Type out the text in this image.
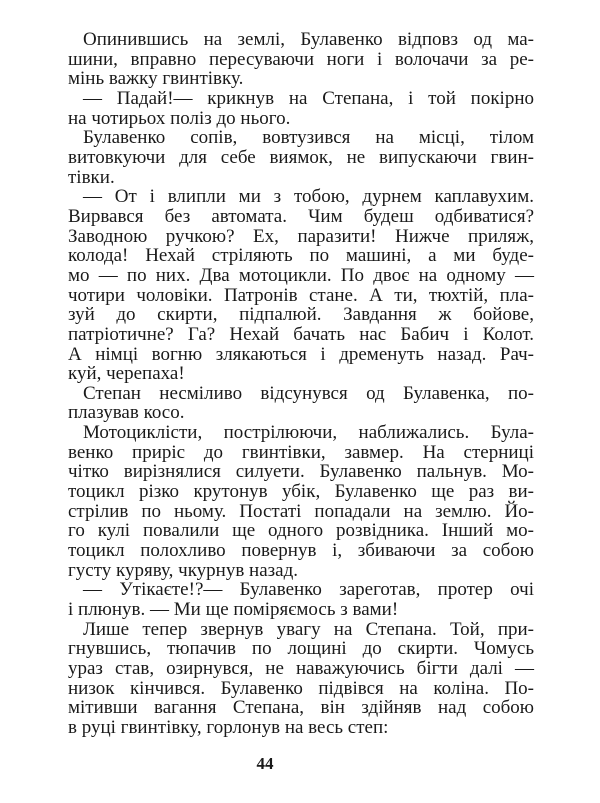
Опинившись на землі, Булавенко відповз од ма-
шини, вправно пересуваючи ноги і волочачи за ре-
мінь важку гвинтівку.
— Падай!— крикнув на Степана, і той покірно
на чотирьох поліз до нього.
Булавенко сопів, вовтузився на місці, тілом
витовкуючи для себе виямок, не випускаючи гвин-
тівки.
— От і влипли ми з тобою, дурнем каплавухим.
Вирвався без автомата. Чим будеш одбиватися?
Заводною ручкою? Ех, паразити! Нижче приляж,
колода! Нехай стріляють по машині, а ми буде-
мо — по них. Два мотоцикли. По двоє на одному —
чотири чоловіки. Патронів стане. А ти, тюхтій, пла-
зуй до скирти, підпалюй. Завдання ж бойове,
патріотичне? Га? Нехай бачать нас Бабич і Колот.
А німці вогню злякаються і дременуть назад. Рач-
куй, черепаха!
Степан несміливо відсунувся од Булавенка, по-
плазував косо.
Мотоциклісти, пострілюючи, наближались. Була-
венко приріс до гвинтівки, завмер. На стерниці
чітко вирізнялися силуети. Булавенко пальнув. Мо-
тоцикл різко крутонув убік, Булавенко ще раз ви-
стрілив по ньому. Постаті попадали на землю. Йо-
го кулі повалили ще одного розвідника. Інший мо-
тоцикл полохливо повернув і, збиваючи за собою
густу куряву, чкурнув назад.
— Утікаєте!?— Булавенко зареготав, протер очі
і плюнув. — Ми ще поміряємось з вами!
Лише тепер звернув увагу на Степана. Той, при-
гнувшись, тюпачив по лощині до скирти. Чомусь
ураз став, озирнувся, не наважуючись бігти далі —
низок кінчився. Булавенко підвівся на коліна. По-
мітивши вагання Степана, він здійняв над собою
в руці гвинтівку, горлонув на весь степ:
44
